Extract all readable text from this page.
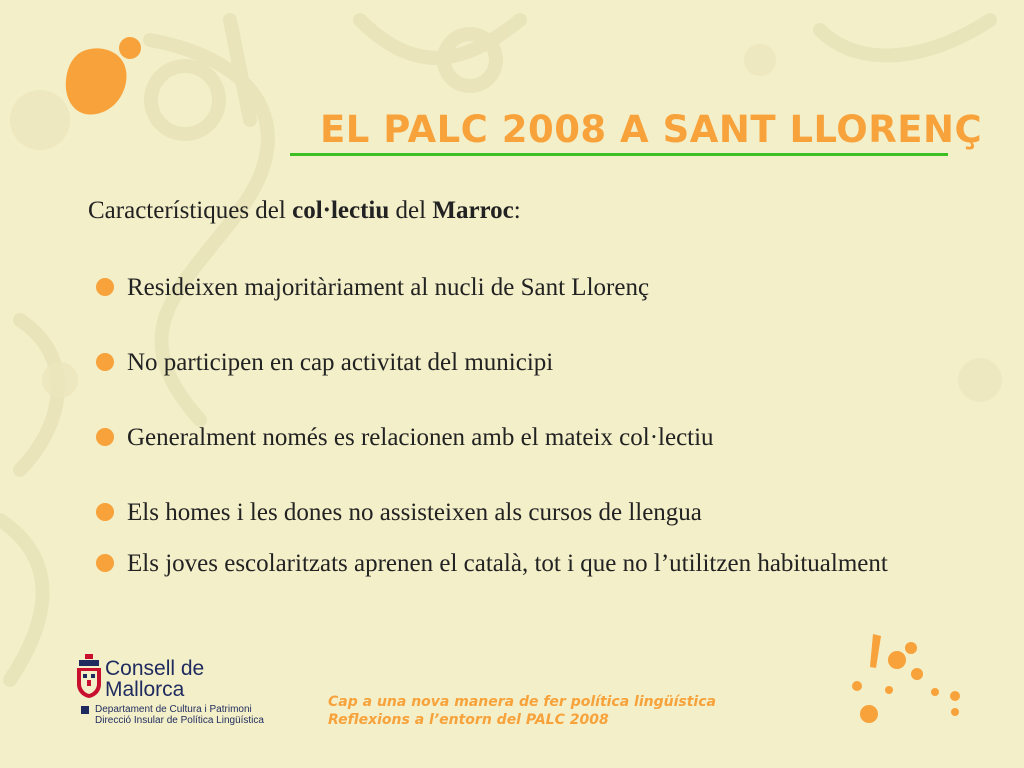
EL PALC 2008 A SANT LLORENÇ
Característiques del col·lectiu del Marroc:
Resideixen majoritàriament al nucli de Sant Llorenç
No participen en cap activitat del municipi
Generalment només es relacionen amb el mateix col·lectiu
Els homes i les dones no assisteixen als cursos de llengua
Els joves escolaritzats aprenen el català, tot i que no l’utilitzen habitualment
Consell de
Mallorca
Departament de Cultura i Patrimoni
Direcció Insular de Política Lingüística
Cap a una nova manera de fer política lingüística
Reflexions a l’entorn del PALC 2008
